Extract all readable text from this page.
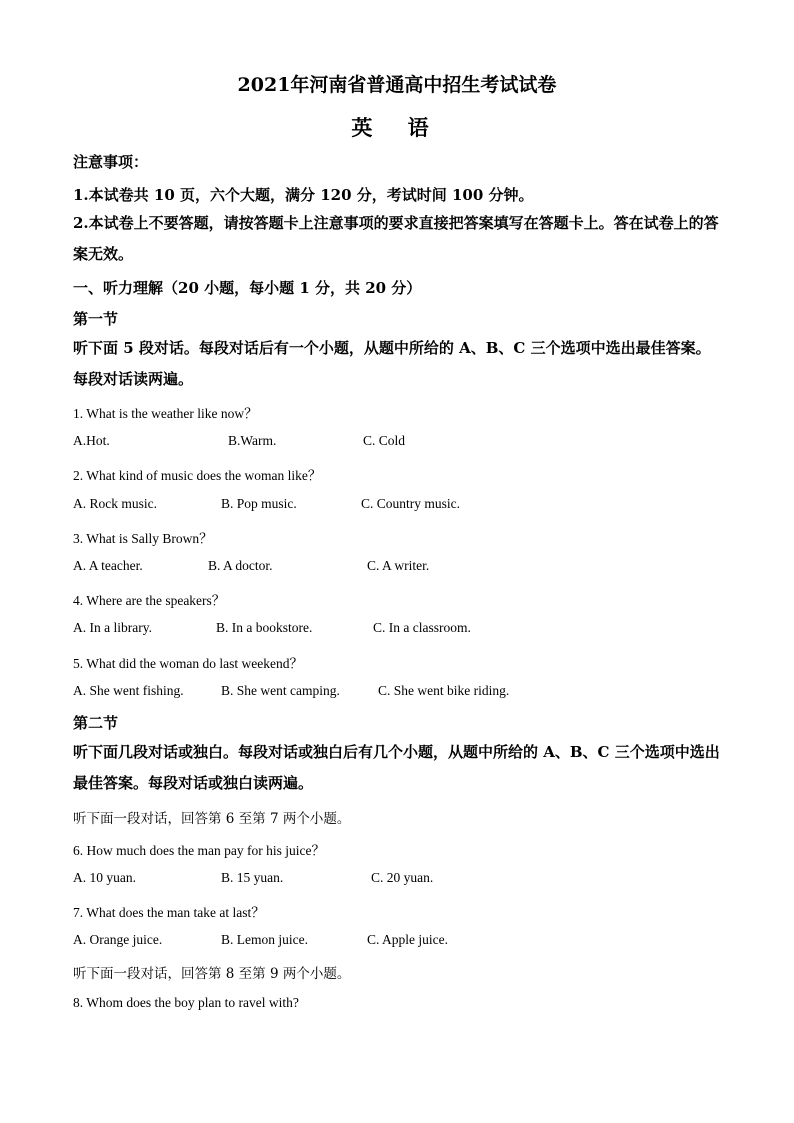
2021年河南省普通高中招生考试试卷
英 语
注意事项：
1.本试卷共 10 页，六个大题，满分 120 分，考试时间 100 分钟。
2.本试卷上不要答题，请按答题卡上注意事项的要求直接把答案填写在答题卡上。答在试卷上的答案无效。
一、听力理解（20 小题，每小题 1 分，共 20 分）
第一节
听下面 5 段对话。每段对话后有一个小题，从题中所给的 A、B、C 三个选项中选出最佳答案。每段对话读两遍。
1. What is the weather like now？
A.Hot.	B.Warm.	C. Cold
2. What kind of music does the woman like？
A. Rock music.	B. Pop music.	C. Country music.
3. What is Sally Brown？
A. A teacher.	B. A doctor.	C. A writer.
4. Where are the speakers？
A. In a library.	B. In a bookstore.	C. In a classroom.
5. What did the woman do last weekend？
A. She went fishing.	B. She went camping.	C. She went bike riding.
第二节
听下面几段对话或独白。每段对话或独白后有几个小题，从题中所给的 A、B、C 三个选项中选出最佳答案。每段对话或独白读两遍。
听下面一段对话，回答第 6 至第 7 两个小题。
6. How much does the man pay for his juice？
A. 10 yuan.	B. 15 yuan.	C. 20 yuan.
7. What does the man take at last？
A. Orange juice.	B. Lemon juice.	C. Apple juice.
听下面一段对话，回答第 8 至第 9 两个小题。
8. Whom does the boy plan to ravel with?
